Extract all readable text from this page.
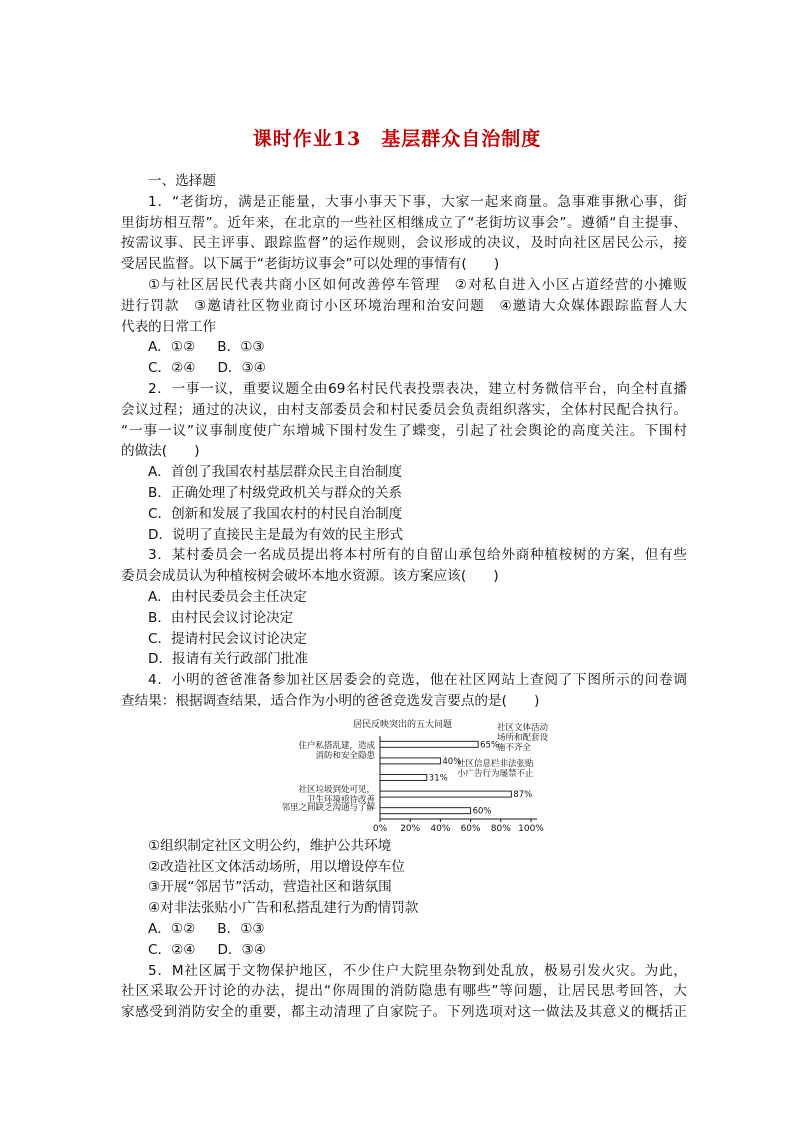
课时作业13　基层群众自治制度
一、选择题
1．“老街坊，满是正能量，大事小事天下事，大家一起来商量。急事难事揪心事，街
里街坊相互帮”。近年来，在北京的一些社区相继成立了“老街坊议事会”。遵循“自主提事、
按需议事、民主评事、跟踪监督”的运作规则，会议形成的决议，及时向社区居民公示，接
受居民监督。以下属于“老街坊议事会”可以处理的事情有(　　)
①与社区居民代表共商小区如何改善停车管理　②对私自进入小区占道经营的小摊贩
进行罚款　③邀请社区物业商讨小区环境治理和治安问题　④邀请大众媒体跟踪监督人大
代表的日常工作
A．①② B．①③
C．②④ D．③④
2．一事一议，重要议题全由69名村民代表投票表决，建立村务微信平台，向全村直播
会议过程；通过的决议，由村支部委员会和村民委员会负责组织落实，全体村民配合执行。
“一事一议”议事制度使广东增城下围村发生了蝶变，引起了社会舆论的高度关注。下围村
的做法(　　)
A．首创了我国农村基层群众民主自治制度
B．正确处理了村级党政机关与群众的关系
C．创新和发展了我国农村的村民自治制度
D．说明了直接民主是最为有效的民主形式
3．某村委员会一名成员提出将本村所有的自留山承包给外商种植桉树的方案，但有些
委员会成员认为种植桉树会破坏本地水资源。该方案应该(　　)
A．由村民委员会主任决定
B．由村民会议讨论决定
C．提请村民会议讨论决定
D．报请有关行政部门批准
4．小明的爸爸准备参加社区居委会的竞选，他在社区网站上查阅了下图所示的问卷调
查结果：根据调查结果，适合作为小明的爸爸竞选发言要点的是(　　)
居民反映突出的五大问题
0% 20% 40% 60% 80% 100%
65%
40%
31%
87%
60%
社区文体活动
场所和配套设
施不齐全
住户私搭乱建，造成
消防和安全隐患
社区信息栏非法张贴
小广告行为屡禁不止
社区垃圾到处可见，
卫生环境亟待改善
邻里之间缺乏沟通与了解
①组织制定社区文明公约，维护公共环境
②改造社区文体活动场所，用以增设停车位
③开展“邻居节”活动，营造社区和谐氛围
④对非法张贴小广告和私搭乱建行为酌情罚款
A．①② B．①③
C．②④ D．③④
5．M社区属于文物保护地区，不少住户大院里杂物到处乱放，极易引发火灾。为此，
社区采取公开讨论的办法，提出“你周围的消防隐患有哪些”等问题，让居民思考回答，大
家感受到消防安全的重要，都主动清理了自家院子。下列选项对这一做法及其意义的概括正
